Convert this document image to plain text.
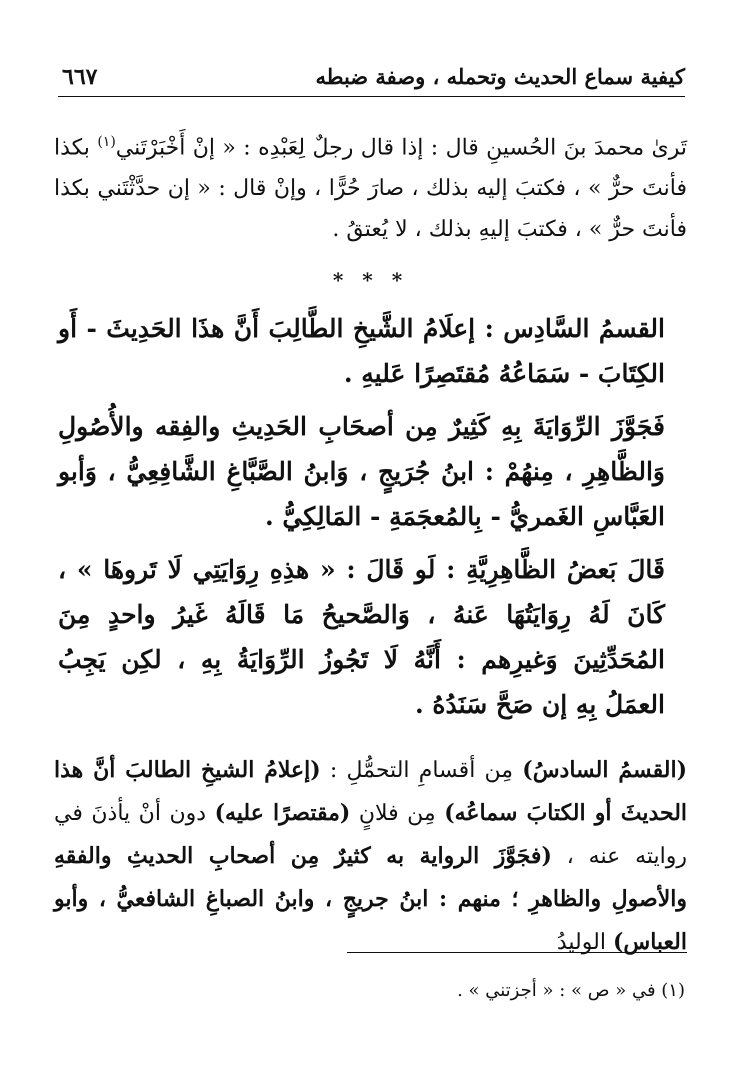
كيفية سماع الحديث وتحمله ، وصفة ضبطه
٦٦٧

تَرىٰ محمدَ بنَ الحُسينِ قال : إذا قال رجلٌ لِعَبْدِه : « إنْ أَخْبَرْتَني$^{(١)}$ بكذا فأنتَ حرٌّ » ، فكتبَ إليه بذلك ، صارَ حُرًّا ، وإنْ قال : « إن حدَّثْتَني بكذا فأنتَ حرٌّ » ، فكتبَ إليهِ بذلك ، لا يُعتقُ .

* * *

القسمُ السَّادِس : إعلَامُ الشَّيخِ الطَّالِبَ أَنَّ هذَا الحَدِيثَ - أَو الكِتَابَ - سَمَاعُهُ مُقتَصِرًا عَليهِ .

فَجَوَّزَ الرِّوَايَةَ بِهِ كَثِيرٌ مِن أصحَابِ الحَدِيثِ والفِقه والأُصُولِ وَالظَّاهِرِ ، مِنهُمْ : ابنُ جُرَيجٍ ، وَابنُ الصَّبَّاغِ الشَّافِعِيُّ ، وَأبو العَبَّاسِ الغَمريُّ - بِالمُعجَمَةِ - المَالِكِيُّ .

قَالَ بَعضُ الظَّاهِرِيَّةِ : لَو قَالَ : « هذِهِ رِوَايَتِي لَا تَروهَا » ، كَانَ لَهُ رِوَايَتُهَا عَنهُ ، وَالصَّحيحُ مَا قَالَهُ غَيرُ واحدٍ مِنَ المُحَدِّثِينَ وَغيرِهم : أَنَّهُ لَا تَجُوزُ الرِّوَايَةُ بِهِ ، لكِن يَجِبُ العمَلُ بِهِ إن صَحَّ سَنَدُهُ .

(القسمُ السادسُ) مِن أقسامِ التحمُّلِ : (إعلامُ الشيخِ الطالبَ أنَّ هذا الحديثَ أو الكتابَ سماعُه) مِن فلانٍ (مقتصرًا عليه) دون أنْ يأذنَ في روايته عنه ، (فجَوَّزَ الرواية به كثيرٌ مِن أصحابِ الحديثِ والفقهِ والأصولِ والظاهرِ ؛ منهم : ابنُ جريجٍ ، وابنُ الصباغِ الشافعيُّ ، وأبو العباس) الوليدُ

(١) في « ص » : « أجزتني » .
